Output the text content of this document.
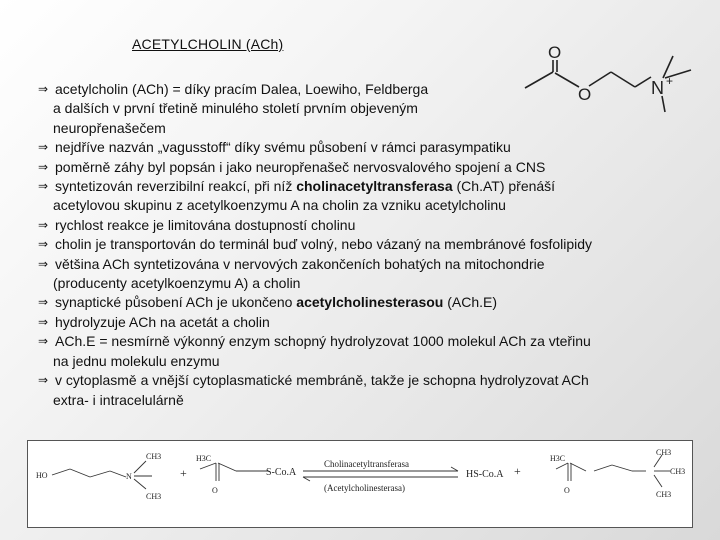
ACETYLCHOLIN (ACh)	O
O	N +
⇒ acetylcholin (ACh) = díky pracím Dalea, Loewiho, Feldberga
a dalších v první třetině minulého století prvním objeveným
neuropřenašečem
⇒ nejdříve nazván „vagusstoff“ díky svému působení v rámci parasympatiku
⇒ poměrně záhy byl popsán i jako neuropřenašeč nervosvalového spojení a CNS
⇒ syntetizován reverzibilní reakcí, při níž cholinacetyltransferasa (Ch.AT) přenáší
acetylovou skupinu z acetylkoenzymu A na cholin za vzniku acetylcholinu
⇒ rychlost reakce je limitována dostupností cholinu
⇒ cholin je transportován do terminál buď volný, nebo vázaný na membránové fosfolipidy
⇒ většina ACh syntetizována v nervových zakončeních bohatých na mitochondrie
(producenty acetylkoenzymu A) a cholin
⇒ synaptické působení ACh je ukončeno acetylcholinesterasou (ACh.E)
⇒ hydrolyzuje ACh na acetát a cholin
⇒ ACh.E = nesmírně výkonný enzym schopný hydrolyzovat 1000 molekul ACh za vteřinu
na jednu molekulu enzymu
⇒ v cytoplasmě a vnější cytoplasmatické membráně, takže je schopna hydrolyzovat ACh
extra- i intracelulárně
HO
CH3
N
CH3
+
H3C
O
S-Co.A
Cholinacetyltransferasa
(Acetylcholinesterasa)
HS-Co.A +
H3C
O
CH3
CH3
CH3
